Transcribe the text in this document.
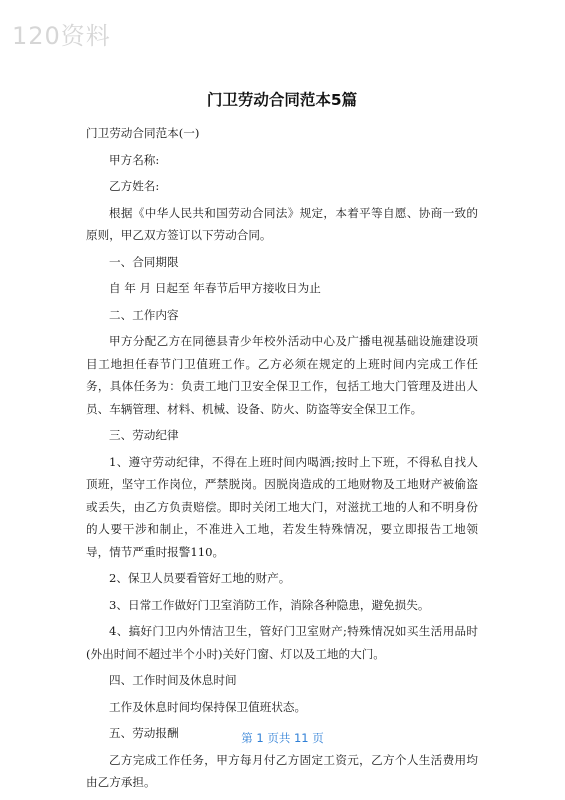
120资料
门卫劳动合同范本5篇

门卫劳动合同范本(一)

甲方名称:

乙方姓名:

根据《中华人民共和国劳动合同法》规定，本着平等自愿、协商一致的原则，甲乙双方签订以下劳动合同。

一、合同期限

自 年 月 日起至 年春节后甲方接收日为止

二、工作内容

甲方分配乙方在同德县青少年校外活动中心及广播电视基础设施建设项目工地担任春节门卫值班工作。乙方必须在规定的上班时间内完成工作任务，具体任务为：负责工地门卫安全保卫工作，包括工地大门管理及进出人员、车辆管理、材料、机械、设备、防火、防盗等安全保卫工作。

三、劳动纪律

1、遵守劳动纪律，不得在上班时间内喝酒;按时上下班，不得私自找人顶班，坚守工作岗位，严禁脱岗。因脱岗造成的工地财物及工地财产被偷盗或丢失，由乙方负责赔偿。即时关闭工地大门，对滋扰工地的人和不明身份的人要干涉和制止，不准进入工地，若发生特殊情况，要立即报告工地领导，情节严重时报警110。

2、保卫人员要看管好工地的财产。

3、日常工作做好门卫室消防工作，消除各种隐患，避免损失。

4、搞好门卫内外情洁卫生，管好门卫室财产;特殊情况如买生活用品时(外出时间不超过半个小时)关好门窗、灯以及工地的大门。

四、工作时间及休息时间

工作及休息时间均保持保卫值班状态。

五、劳动报酬

乙方完成工作任务，甲方每月付乙方固定工资元，乙方个人生活费用均由乙方承担。

第 1 页共 11 页
